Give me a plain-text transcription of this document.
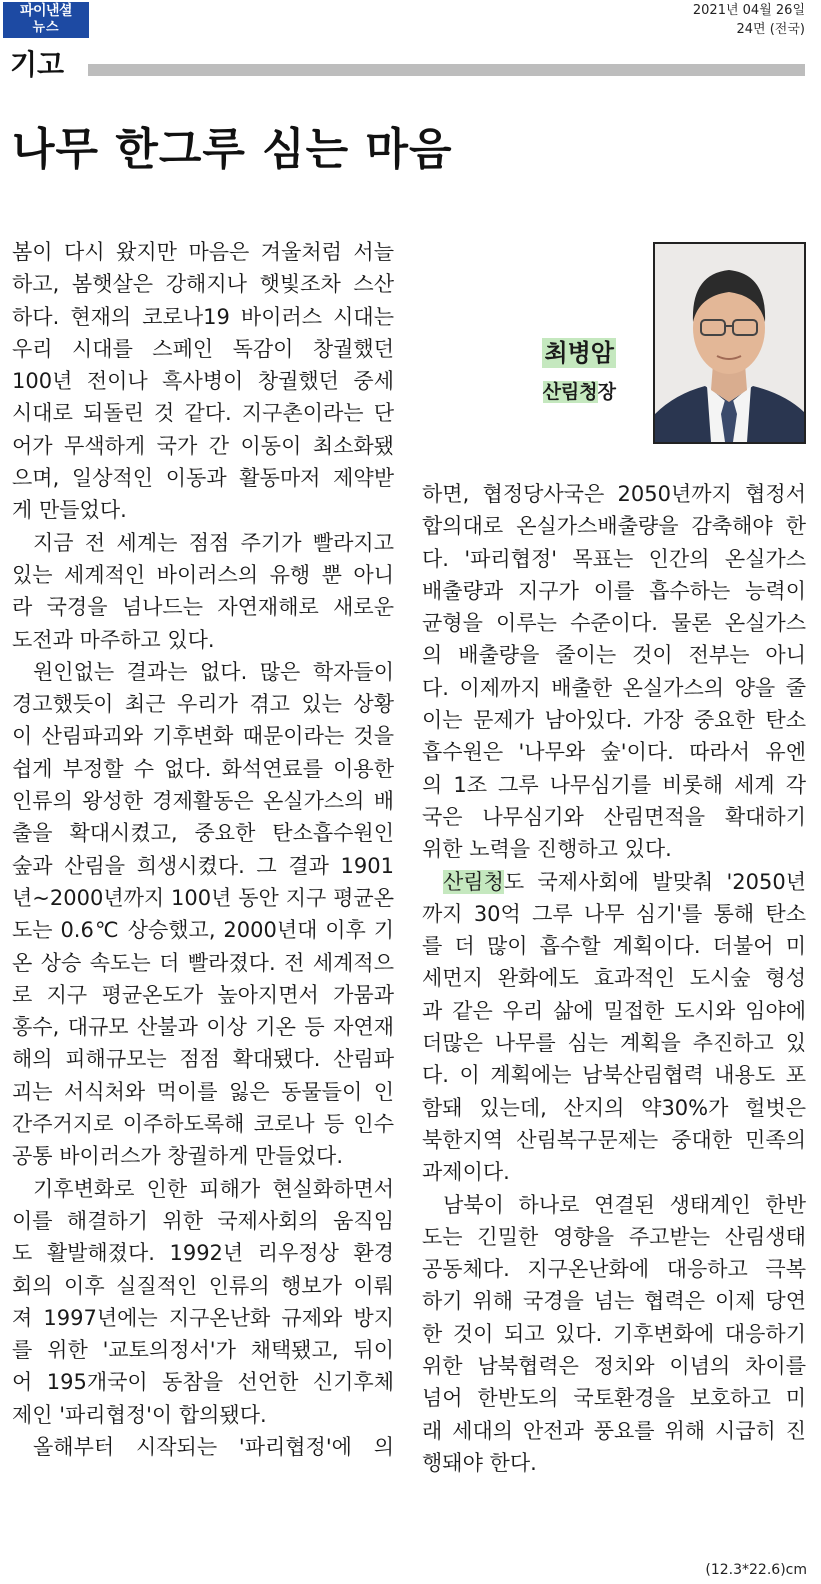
파이낸셜
뉴스
2021년 04월 26일
24면 (전국)
기고
나무 한그루 심는 마음
봄이 다시 왔지만 마음은 겨울처럼 서늘
하고, 봄햇살은 강해지나 햇빛조차 스산
하다. 현재의 코로나19 바이러스 시대는
우리 시대를 스페인 독감이 창궐했던
100년 전이나 흑사병이 창궐했던 중세
시대로 되돌린 것 같다. 지구촌이라는 단
어가 무색하게 국가 간 이동이 최소화됐
으며, 일상적인 이동과 활동마저 제약받
게 만들었다.
지금 전 세계는 점점 주기가 빨라지고
있는 세계적인 바이러스의 유행 뿐 아니
라 국경을 넘나드는 자연재해로 새로운
도전과 마주하고 있다.
원인없는 결과는 없다. 많은 학자들이
경고했듯이 최근 우리가 겪고 있는 상황
이 산림파괴와 기후변화 때문이라는 것을
쉽게 부정할 수 없다. 화석연료를 이용한
인류의 왕성한 경제활동은 온실가스의 배
출을 확대시켰고, 중요한 탄소흡수원인
숲과 산림을 희생시켰다. 그 결과 1901
년~2000년까지 100년 동안 지구 평균온
도는 0.6℃ 상승했고, 2000년대 이후 기
온 상승 속도는 더 빨라졌다. 전 세계적으
로 지구 평균온도가 높아지면서 가뭄과
홍수, 대규모 산불과 이상 기온 등 자연재
해의 피해규모는 점점 확대됐다. 산림파
괴는 서식처와 먹이를 잃은 동물들이 인
간주거지로 이주하도록해 코로나 등 인수
공통 바이러스가 창궐하게 만들었다.
기후변화로 인한 피해가 현실화하면서
이를 해결하기 위한 국제사회의 움직임
도 활발해졌다. 1992년 리우정상 환경
회의 이후 실질적인 인류의 행보가 이뤄
져 1997년에는 지구온난화 규제와 방지
를 위한 '교토의정서'가 채택됐고, 뒤이
어 195개국이 동참을 선언한 신기후체
제인 '파리협정'이 합의됐다.
올해부터 시작되는 '파리협정'에 의
최병암
산림청장
하면, 협정당사국은 2050년까지 협정서
합의대로 온실가스배출량을 감축해야 한
다. '파리협정' 목표는 인간의 온실가스
배출량과 지구가 이를 흡수하는 능력이
균형을 이루는 수준이다. 물론 온실가스
의 배출량을 줄이는 것이 전부는 아니
다. 이제까지 배출한 온실가스의 양을 줄
이는 문제가 남아있다. 가장 중요한 탄소
흡수원은 '나무와 숲'이다. 따라서 유엔
의 1조 그루 나무심기를 비롯해 세계 각
국은 나무심기와 산림면적을 확대하기
위한 노력을 진행하고 있다.
산림청도 국제사회에 발맞춰 '2050년
까지 30억 그루 나무 심기'를 통해 탄소
를 더 많이 흡수할 계획이다. 더불어 미
세먼지 완화에도 효과적인 도시숲 형성
과 같은 우리 삶에 밀접한 도시와 임야에
더많은 나무를 심는 계획을 추진하고 있
다. 이 계획에는 남북산림협력 내용도 포
함돼 있는데, 산지의 약30%가 헐벗은
북한지역 산림복구문제는 중대한 민족의
과제이다.
남북이 하나로 연결된 생태계인 한반
도는 긴밀한 영향을 주고받는 산림생태
공동체다. 지구온난화에 대응하고 극복
하기 위해 국경을 넘는 협력은 이제 당연
한 것이 되고 있다. 기후변화에 대응하기
위한 남북협력은 정치와 이념의 차이를
넘어 한반도의 국토환경을 보호하고 미
래 세대의 안전과 풍요를 위해 시급히 진
행돼야 한다.
(12.3*22.6)cm
